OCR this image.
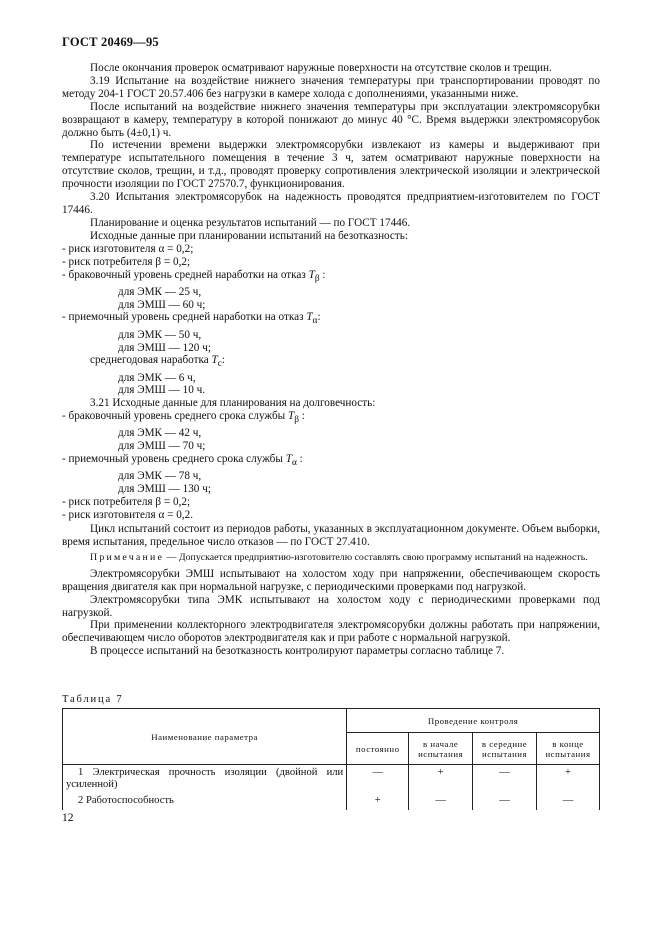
ГОСТ 20469—95

После окончания проверок осматривают наружные поверхности на отсутствие сколов и трещин.

3.19 Испытание на воздействие нижнего значения температуры при транспортировании проводят по методу 204-1 ГОСТ 20.57.406 без нагрузки в камере холода с дополнениями, указанными ниже.

После испытаний на воздействие нижнего значения температуры при эксплуатации электромясорубки возвращают в камеру, температуру в которой понижают до минус 40 °С. Время выдержки электромясорубок должно быть (4±0,1) ч.

По истечении времени выдержки электромясорубки извлекают из камеры и выдерживают при температуре испытательного помещения в течение 3 ч, затем осматривают наружные поверхности на отсутствие сколов, трещин, и т.д., проводят проверку сопротивления электрической изоляции и электрической прочности изоляции по ГОСТ 27570.7, функционирования.

3.20 Испытания электромясорубок на надежность проводятся предприятием-изготовителем по ГОСТ 17446.

Планирование и оценка результатов испытаний — по ГОСТ 17446.

Исходные данные при планировании испытаний на безотказность:

- риск изготовителя α = 0,2;

- риск потребителя β = 0,2;

- браковочный уровень средней наработки на отказ $T_\beta$ :

для ЭМК — 25 ч,

для ЭМШ — 60 ч;

- приемочный уровень средней наработки на отказ $T_\alpha$:

для ЭМК — 50 ч,

для ЭМШ — 120 ч;

среднегодовая наработка $T_c$:

для ЭМК — 6 ч,

для ЭМШ — 10 ч.

3.21 Исходные данные для планирования на долговечность:

- браковочный уровень среднего срока службы $T_\beta$ :

для ЭМК — 42 ч,

для ЭМШ — 70 ч;

- приемочный уровень среднего срока службы $T_\alpha$ :

для ЭМК — 78 ч,

для ЭМШ — 130 ч;

- риск потребителя β = 0,2;

- риск изготовителя α = 0,2.

Цикл испытаний состоит из периодов работы, указанных в эксплуатационном документе. Объем выборки, время испытания, предельное число отказов — по ГОСТ 27.410.

Примечание — Допускается предприятию-изготовителю составлять свою программу испытаний на надежность.

Электромясорубки ЭМШ испытывают на холостом ходу при напряжении, обеспечивающем скорость вращения двигателя как при нормальной нагрузке, с периодическими проверками под нагрузкой.

Электромясорубки типа ЭМК испытывают на холостом ходу с периодическими проверками под нагрузкой.

При применении коллекторного электродвигателя электромясорубки должны работать при напряжении, обеспечивающем число оборотов электродвигателя как и при работе с нормальной нагрузкой.

В процессе испытаний на безотказность контролируют параметры согласно таблице 7.

Таблица 7
Наименование параметра	Проведение контроля			
	постоянно	в начале испытания	в середине испытания	в конце испытания
1 Электрическая прочность изоляции (двойной или усиленной)	—	+	—	+
2 Работоспособность	+	—	—	—
12
